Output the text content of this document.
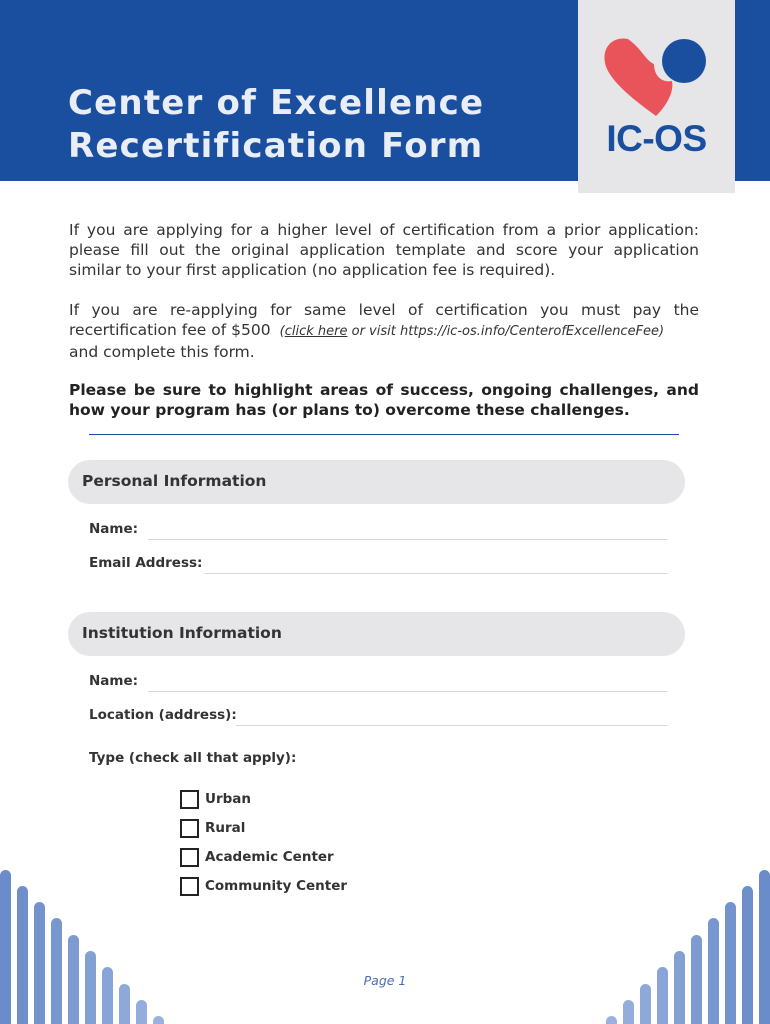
Center of Excellence
Recertification Form	IC-OS
If you are applying for a higher level of certification from a prior application: please fill out the original application template and score your application similar to your first application (no application fee is required).
If you are re-applying for same level of certification you must pay the recertification fee of $500  (click here or visit https://ic-os.info/CenterofExcellenceFee)
and complete this form.
Please be sure to highlight areas of success, ongoing challenges, and how your program has (or plans to) overcome these challenges.
Personal Information
Name:
Email Address:
Institution Information
Name:
Location (address):
Type (check all that apply):
Urban
Rural
Academic Center
Community Center
Page 1
